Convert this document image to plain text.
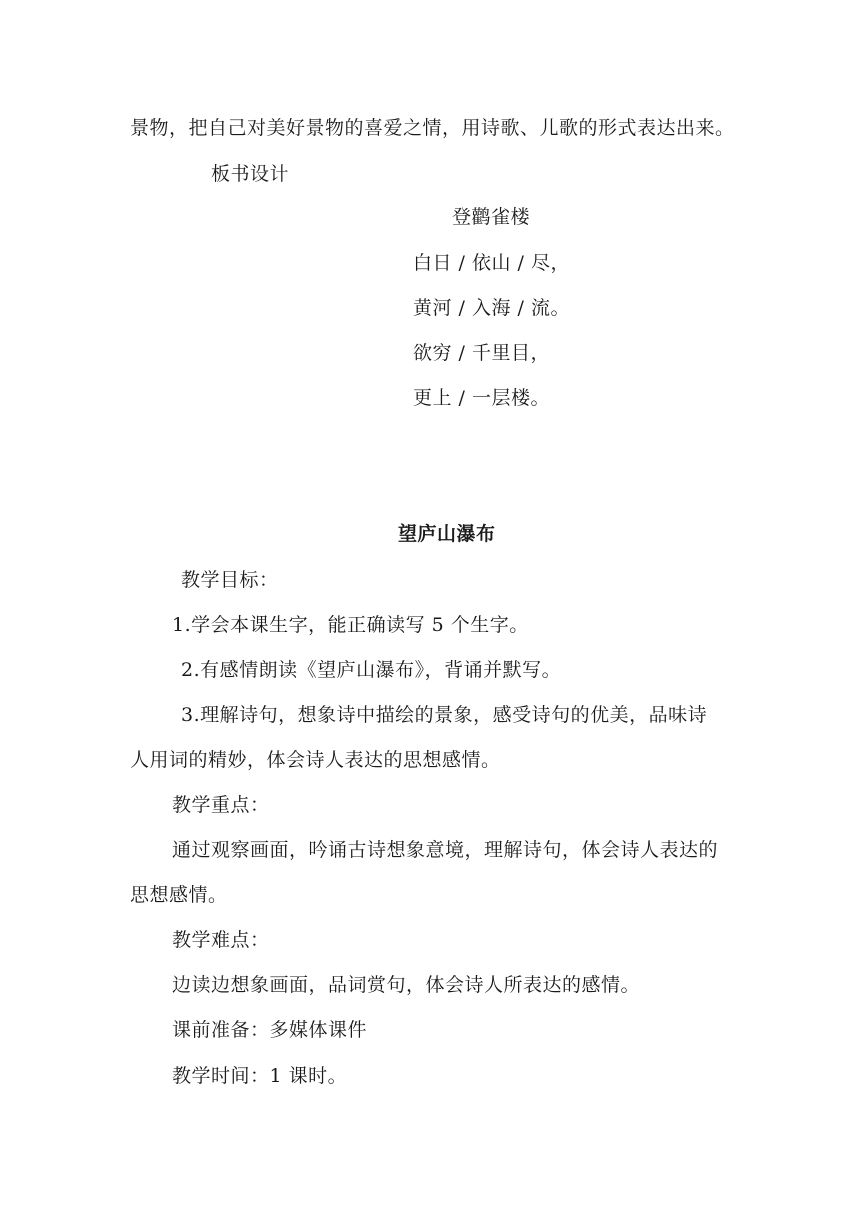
景物，把自己对美好景物的喜爱之情，用诗歌、儿歌的形式表达出来。
板书设计
登鹳雀楼
白日 / 依山 / 尽，
黄河 / 入海 / 流。
欲穷 / 千里目，
更上 / 一层楼。
望庐山瀑布
教学目标：
1.学会本课生字，能正确读写 5 个生字。
2.有感情朗读《望庐山瀑布》，背诵并默写。
3.理解诗句，想象诗中描绘的景象，感受诗句的优美，品味诗
人用词的精妙，体会诗人表达的思想感情。
教学重点：
通过观察画面，吟诵古诗想象意境，理解诗句，体会诗人表达的
思想感情。
教学难点：
边读边想象画面，品词赏句，体会诗人所表达的感情。
课前准备：多媒体课件
教学时间：1 课时。
